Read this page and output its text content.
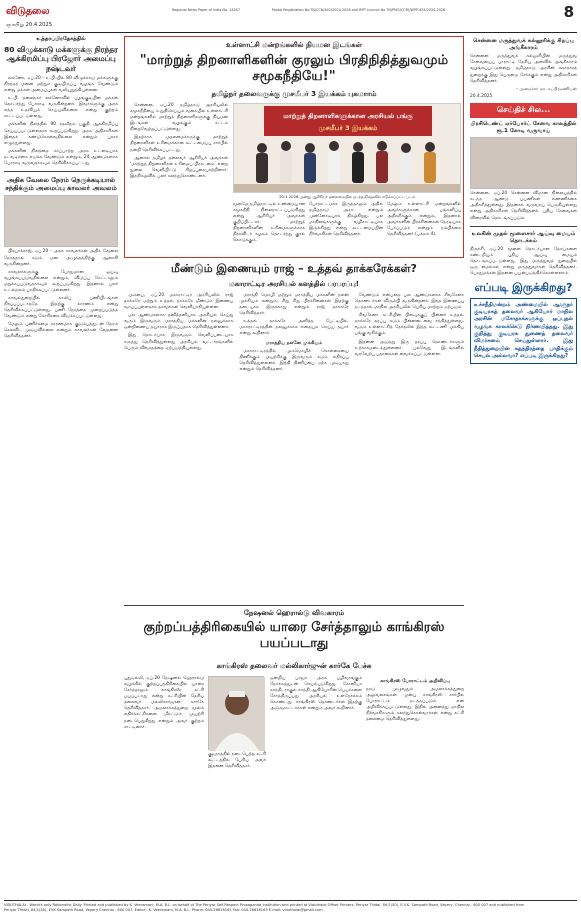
விடுதலை
ஞாயிறு 20.4.2025
Regional News Paper of India No. 14287	Postal Registration No.TN/CCN/442/2024-2026 and RPP Licence No.TN/PMG(CCR)/WPP-425/2024-2026	8
உத்தரப்பிரதேசத்தில்
80 விழுக்காடு மக்களுக்கு நிரந்தர ஆக்கிரமிப்பு பிரஜோர் அமைப்பு நஷ்டவர்

லக்னோ, ஏப்.20 - உ.பி.யில் 80 விழுக்காடு மக்களுக்கு நிரந்தர மனை மற்றும் குடியிருப்பு வழங்க வேண்டும் என்று மக்கள் அமைப்புகள் வலியுறுத்தியுள்ளன.

உ.பி. தலைநகர் லக்னோவில் பழங்குடியின மக்கள் தொடர்ந்து போராடி வருகின்றனர். இவர்களுக்கு அரசு எந்த உதவியும் செய்யவில்லை என்று குற்றம் சாட்டப்பட்டுள்ளது.

மக்களின் நிலத்தில் 90 சதவீதம் பகுதி ஆக்கிரமிப்பு செய்யப்பட்டுள்ளதாக கூறப்படுகிறது. அரசு அதிகாரிகள் இதைக் கண்டுகொள்வதில்லை என்றும் புகார் எழுந்துள்ளது.

மக்களின் நிலத்தை காப்பாற்ற அரசு உடனடியாக நடவடிக்கை எடுக்க வேண்டும் என்றும், 24 ஆண்டுகளாக போராடி வருவதாகவும் தெரிவிக்கப்பட்டது.

அதிக வேலை நேரம் நெருக்கடியால் சந்திக்கும் அமைப்பு காவலர் அவலம்

பிரயாக்ராஜ், ஏப்.20 - அரசு காவலர்கள் அதிக வேலை நேரத்தால் கடும் மன அழுத்தத்திற்கு ஆளாகி வருகின்றனர்.

காவலர்களுக்கு போதுமான ஓய்வு வழங்கப்படுவதில்லை என்றும், விடுப்பு கேட்டாலும் மறுக்கப்படுவதாகவும் கூறப்படுகிறது. இதனால் பலர் உடல்நலம் பாதிக்கப்பட்டுள்ளனர்.

காவல்துறையில் காலிப் பணியிடங்கள் நிரப்பப்படாததே இதற்கு காரணம் என்று தெரிவிக்கப்பட்டுள்ளது. பணி நேரத்தை முறைப்படுத்த வேண்டும் என்று கோரிக்கை விடுக்கப்பட்டுள்ளது.

மேலும் பணிச்சுமை காரணமாக குடும்பத்துடன் நேரம் செலவிட முடியவில்லை என்றும் காவலர்கள் வேதனை தெரிவித்தனர்.

உள்ளாட்சி மன்றங்களில் நியமன இடங்கள்
"மாற்றுத் திறனாளிகளின் குரலும் பிரதிநிதித்துவமும் சமூகநீதியே!"
தமிழ்நர் தலைவருக்கு முசமீபர் 3 இயக்கம் புகமாாம்

சென்னை, ஏப்.20 தமிழ்நாடு அரசியலில் சமூகநீதியை உறுதிசெய்யும் வகையில் உள்ளாட்சி மன்றங்களில் மாற்றுத் திறனாளிகளுக்கு நியமன இடங்கள் வழங்கும் சட்டம் நிறைவேற்றப்பட்டுள்ளது.

இதற்காக முதலமைச்சருக்கு மாற்றுத் திறனாளிகள் உரிமைக்கான கூட்டமைப்பு சார்பில் நன்றி தெரிவிக்கப்பட்டது.

ஆனால் தமிழர் தலைவர் ஆசிரியர் அவர்கள் ‘மாற்றுத் திறனாளிகள் உரிமைப் பிரகடனம்’ என்ற நூலை வெளியிட்டு சிறப்புரையாற்றினார். இந்நிகழ்வில் பலர் கலந்துகொண்டனர்.

மாற்றுத் திறனாளிகளுக்கான அரசியல் பங்கு
முசமீபர் 3 இயக்கம்
20.1.2026 அன்று ஆசிரியர் தலைமையில் நடந்த நிகழ்வில் எடுக்கப்பட்ட படம்
மூலமே தமிழ்நாட்டில் உண்மையான சமூகநீதி நிலைநாட்டப்படுகிறது என்று ஆசிரியர் அவர்கள் குறிப்பிட்டார். மாற்றுத் திறனாளிகளின் உரிமைகளுக்காக திராவிடர் கழகம் தொடர்ந்து குரல் கொடுக்கும்.
போராட்டமாக இருந்தாலும் அதில் தமிழ்நாடு அரசு என்றும் முன்னோடியாக திகழ்கிறது. பல மாநிலங்களுக்கு வழிகாட்டியாக இருக்கிறது என்று கூட்டமைப்பின் நிர்வாகிகள் தெரிவித்தனர்.
மேலும் உள்ளாட்சி மன்றங்களில் அவர்களுக்கான பங்களிப்பு அதிகரிக்கும் என்றும், இதனால் அவர்களின் பிரச்சினைகள் நேரடியாக பேசப்படும் என்றும் நம்பிக்கை தெரிவித்தனர் (பக்கம் 4).
மீண்டும் இணையும் ராஜ் – உத்தவ் தாக்கரேக்கள்?
மகாராட்டிர அரசியல் களத்தில் பரபரப்பு!

மும்பை, ஏப்.20 மகாராட்டிர அரசியலில் ராஜ் தாக்கரே மற்றும் உத்தவ் தாக்கரே மீண்டும் இணைய வாய்ப்புள்ளதாக தகவல்கள் வெளியாகியுள்ளன.

பல ஆண்டுகளாக தனித்தனியாக அரசியல் செய்து வரும் இருவரும் மராத்திய மக்களின் நலனுக்காக ஒன்றிணைய தயாராக இருப்பதாக தெரிவித்துள்ளனர்.

இது தொடர்பாக இருவரும் வெளிப்படையாக கருத்து தெரிவித்துள்ளது அரசியல் வட்டாரங்களில் பெரும் விவாதத்தை ஏற்படுத்தியுள்ளது.

மராத்தி மொழி மற்றும் மராத்திய மக்களின் நலன் முக்கியம் என்றும், சிறு சிறு பிரச்சினைகள் இதற்கு தடையாக இருக்காது என்றும் ராஜ் தாக்கரே தெரிவித்தார்.

உத்தவ் தாக்கரே அளித்த பேட்டியில், மகாராட்டிரத்தின் நலனுக்காக எதையும் செய்ய தயார் என்று கூறினார்.

மராத்திய நலனே முக்கியம்

மகாராட்டிரத்தில் மும்மொழிக் கொள்கையை திணிக்கும் முயற்சிக்கு இருவரும் கடும் எதிர்ப்பு தெரிவித்துள்ளனர். இந்தி திணிப்பை ஏற்க முடியாது என்றும் தெரிவித்தனர்.

வேண்டும் என்பதை பல ஆண்டுகளாக சிவசேனா தொண்டர்கள் விரும்பி வருகின்றனர். இந்த இணைப்பு நடந்தால் மாநில அரசியலில் பெரிய மாற்றம் ஏற்படும்.

சிவசேனா கட்சியின் பிளவுக்குப் பின்னர் உத்தவ் தாக்கரே தரப்பு கடும் பின்னடைவை சந்தித்துள்ளது. வரும் உள்ளாட்சித் தேர்தலில் இந்த கூட்டணி முக்கிய பங்கு வகிக்கும்.

இதனை அடுத்து இரு தரப்பு தொண்டர்களும் உற்சாகமடைந்துள்ளனர். பல்வேறு இடங்களில் வரவேற்பு பதாகைகள் வைக்கப்பட்டுள்ளன.

நேஷனல் ஹெரால்டு விவகாரம்
குற்றப்பத்திரிகையில் யாரை சேர்த்தாலும் காங்கிரஸ் பயப்படாது
காங்கிரஸ் தலைவர் மல்லிகார்ஜுன் கார்கே பேச்சு
புதுடில்லி, ஏப்.20 நேஷனல் ஹெரால்டு வழக்கில் குற்றப்பத்திரிகையில் யாரை சேர்த்தாலும் காங்கிரஸ் கட்சி பயப்படாது என்று கட்சியின் தேசிய தலைவர் மல்லிகார்ஜுன் கார்கே தெரிவித்தார். அமலாக்கத்துறை மூலம் எதிர்க்கட்சிகளை மிரட்டும் முயற்சி நடைபெறுகிறது என்றும் அவர் குற்றம் சாட்டினார்.
குஜராத்தில் நடைபெற்ற கட்சி கூட்டத்தில் பேசிய அவர் இதனை தெரிவித்தார்.
ஒன்றிய பாஜக அரசு பழிவாங்கும் நோக்கத்துடன் செயல்படுகிறது. சோனியா காந்தி, ராகுல் காந்தி ஆகியோரின் பெயர்களை சேர்த்திருப்பது அரசியல் உள்நோக்கம் கொண்டது. காங்கிரஸ் தொண்டர்கள் இதற்கு அஞ்சமாட்டார்கள் என்றும் அவர் கூறினார்.
காங்கிரஸ் போராட்டம் அறிவிப்பு
நாடு முழுவதும் அமலாக்கத்துறை அலுவலகங்கள் முன்பு காங்கிரஸ் சார்பில் போராட்டம் நடத்தப்படும் என அறிவிக்கப்பட்டுள்ளது. இதில் அனைத்து மாநில நிர்வாகிகளும் கலந்துகொள்வார்கள் என்று கட்சி தலைமை தெரிவித்துள்ளது.
சென்னை மருத்துவக் கல்லூரிக்கு சிறப்பு அங்கீகாரம்
சென்னை மருத்துவக் கல்லூரியின் மருத்துவ சேவையைப் பாராட்டி தேசிய அளவில் அங்கீகாரம் வழங்கப்பட்டுள்ளது. தமிழ்நாடு அரசின் சுகாதாரத் துறைக்கு இது பெருமை சேர்க்கும் என்று அதிகாரிகள் தெரிவித்தனர்.
– அமைச்சர் மா. சுப்பிரமணியன்
20.4.2025
செய்திச் சில...
பிரசிடெண்ட் ஏர்போர்ட் சேவை காலத்தில் ரூ.1 கோடி வருவாய்
சென்னை, ஏப்.20 சென்னை விமான நிலையத்தில் கடந்த ஆண்டு பயணிகள் எண்ணிக்கை அதிகரித்துள்ளது. இதனால் வருவாய் பெருகியுள்ளது என்று அதிகாரிகள் தெரிவித்தனர். புதிய சேவைகள் விரைவில் தொடங்கப்படும்.
உலகின் முதல் மூளைசார் ஆய்வு மையம் தொடக்கம்
திருச்சி, ஏப்.20 மூளை தொடர்பான நோய்களை கண்டறியும் புதிய ஆய்வு மையம் தொடங்கப்பட்டுள்ளது. இது மருத்துவத் துறையில் ஒரு மைல்கல் என்று மருத்துவர்கள் தெரிவித்தனர். பொதுமக்கள் இதனை பயன்படுத்திக்கொள்ளலாம்.
எப்படி இருக்கிறது?
உச்சநீதிமன்றம் அண்மையில் ஆளுநர் குடியரசுத் தலைவர் ஆகியோர் மாநில அரசின் மசோதாக்களுக்கு ஒப்புதல் வழங்க காலக்கெடு நிர்ணயித்தது. இது குறித்து குடியரசு துணைத் தலைவர் விமர்சனம் செய்துள்ளார். இது நீதித்துறையின் சுதந்திரத்தை பாதிக்கும் செயல் அல்லவா? எப்படி இருக்கிறது?
VIDUTHALAI - World's only Rationalist Daily. Printed and published by K. Veeramani, M.A. B.L. on behalf of The Periyar Self-Respect Propaganda Institution and printed at Viduthalai Offset Printers, Periyar Thidal, 84/1(50), E.V.K. Sampath Road, Vepery, Chennai - 600 007 and published from
Periyar Thidal, 84/1(50), EVK Sampath Road, Vepery Chennai - 600 007. Editor : K. Veeramani, M.A. B.L. Phone: 044-26618161 Fax: 044-26618163 E-mail: viduthalai@gmail.com
